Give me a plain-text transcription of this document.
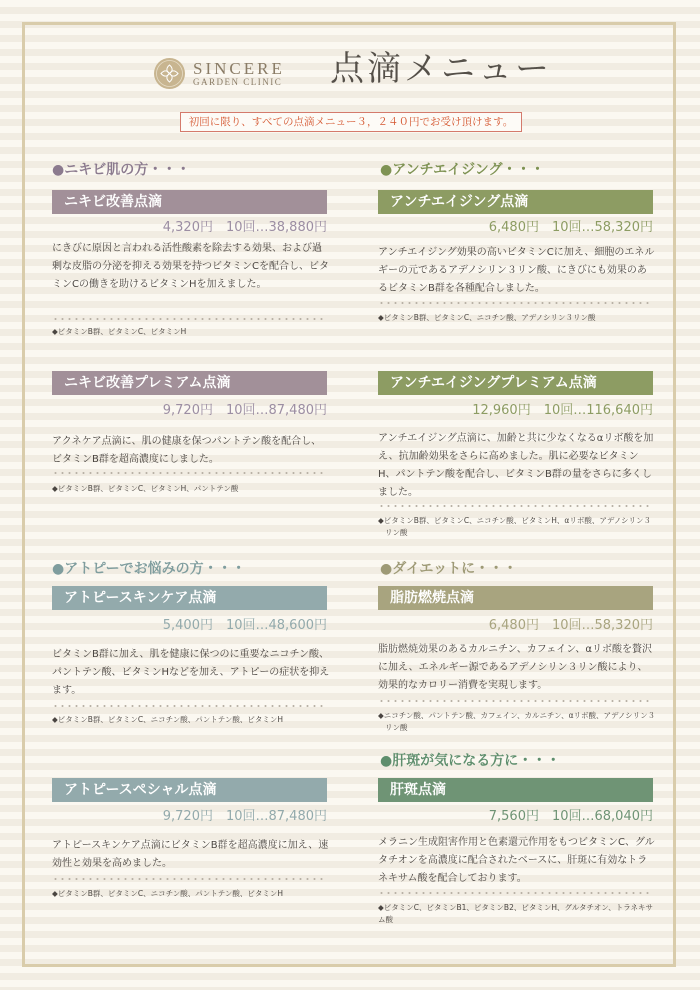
SINCERE
GARDEN CLINIC 点滴メニュー
初回に限り、すべての点滴メニュー３，２４０円でお受け頂けます。
●ニキビ肌の方・・・
ニキビ改善点滴
4,320円　10回…38,880円

にきびに原因と言われる活性酸素を除去する効果、および過剰な皮脂の分泌を抑える効果を持つビタミンCを配合し、ビタミンCの働きを助けるビタミンHを加えました。

◆ビタミンB群、ビタミンC、ビタミンH

ニキビ改善プレミアム点滴
9,720円　10回…87,480円

アクネケア点滴に、肌の健康を保つパントテン酸を配合し、ビタミンB群を超高濃度にしました。

◆ビタミンB群、ビタミンC、ビタミンH、パントテン酸

●アトピーでお悩みの方・・・
アトピースキンケア点滴
5,400円　10回…48,600円

ビタミンB群に加え、肌を健康に保つのに重要なニコチン酸、パントテン酸、ビタミンHなどを加え、アトピーの症状を抑えます。

◆ビタミンB群、ビタミンC、ニコチン酸、パントテン酸、ビタミンH

アトピースペシャル点滴
9,720円　10回…87,480円

アトピースキンケア点滴にビタミンB群を超高濃度に加え、速効性と効果を高めました。

◆ビタミンB群、ビタミンC、ニコチン酸、パントテン酸、ビタミンH

●アンチエイジング・・・
アンチエイジング点滴
6,480円　10回…58,320円

アンチエイジング効果の高いビタミンCに加え、細胞のエネルギーの元であるアデノシリン３リン酸、にきびにも効果のあるビタミンB群を各種配合しました。

◆ビタミンB群、ビタミンC、ニコチン酸、アデノシリン３リン酸

アンチエイジングプレミアム点滴
12,960円　10回…116,640円

アンチエイジング点滴に、加齢と共に少なくなるαリボ酸を加え、抗加齢効果をさらに高めました。肌に必要なビタミンH、パントテン酸を配合し、ビタミンB群の量をさらに多くしました。

◆ビタミンB群、ビタミンC、ニコチン酸、ビタミンH、αリボ酸、アデノシリン３リン酸

●ダイエットに・・・
脂肪燃焼点滴
6,480円　10回…58,320円

脂肪燃焼効果のあるカルニチン、カフェイン、αリボ酸を贅沢に加え、エネルギー源であるアデノシリン３リン酸により、効果的なカロリー消費を実現します。

◆ニコチン酸、パントテン酸、カフェイン、カルニチン、αリボ酸、アデノシリン３リン酸

●肝斑が気になる方に・・・
肝斑点滴
7,560円　10回…68,040円

メラニン生成阻害作用と色素還元作用をもつビタミンC、グルタチオンを高濃度に配合されたベースに、肝斑に有効なトラネキサム酸を配合しております。

◆ビタミンC、ビタミンB1、ビタミンB2、ビタミンH、グルタチオン、トラネキサム酸
